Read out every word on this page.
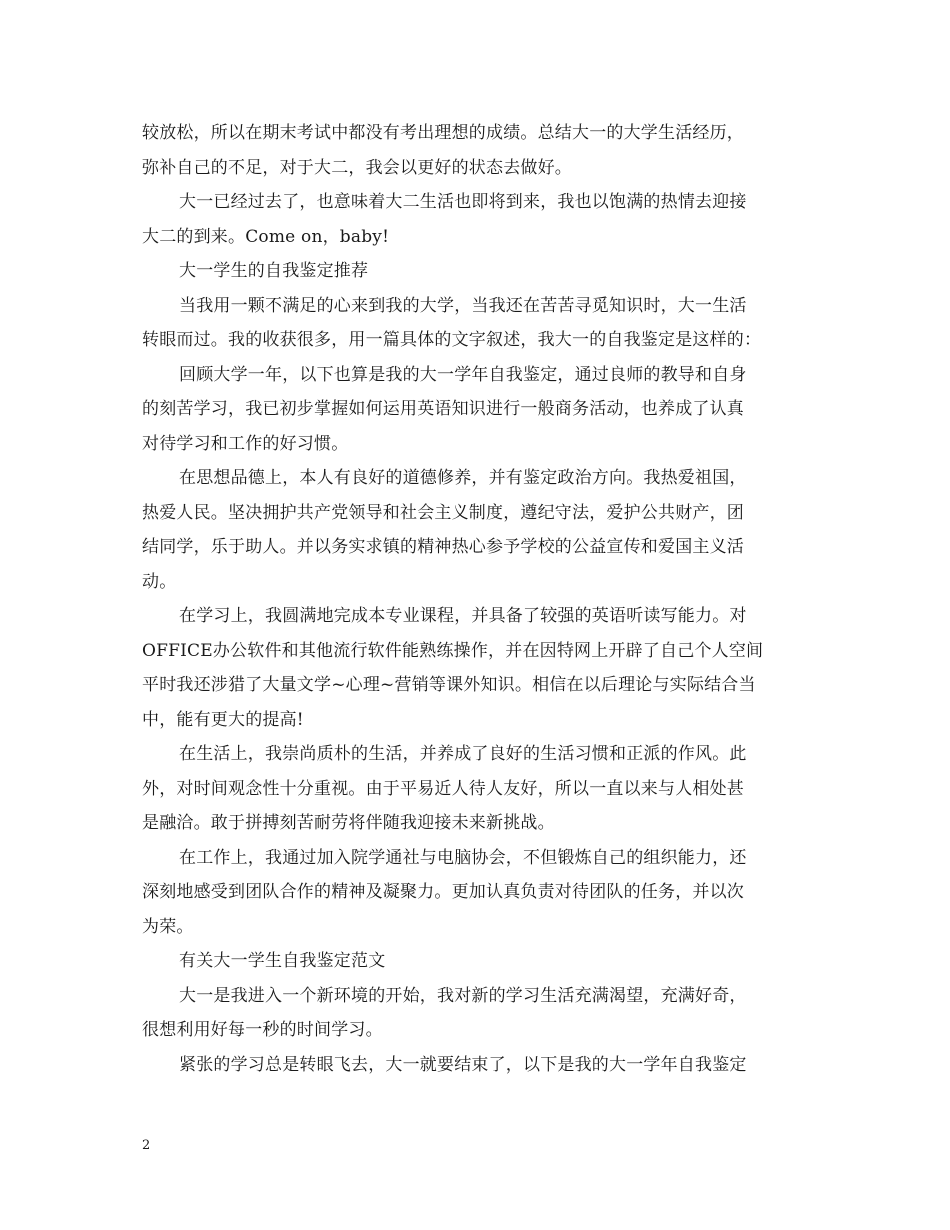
较放松，所以在期末考试中都没有考出理想的成绩。总结大一的大学生活经历，
弥补自己的不足，对于大二，我会以更好的状态去做好。
大一已经过去了，也意味着大二生活也即将到来，我也以饱满的热情去迎接
大二的到来。Come on，baby!
大一学生的自我鉴定推荐
当我用一颗不满足的心来到我的大学，当我还在苦苦寻觅知识时，大一生活
转眼而过。我的收获很多，用一篇具体的文字叙述，我大一的自我鉴定是这样的：
回顾大学一年，以下也算是我的大一学年自我鉴定，通过良师的教导和自身
的刻苦学习，我已初步掌握如何运用英语知识进行一般商务活动，也养成了认真
对待学习和工作的好习惯。
在思想品德上，本人有良好的道德修养，并有鉴定政治方向。我热爱祖国，
热爱人民。坚决拥护共产党领导和社会主义制度，遵纪守法，爱护公共财产，团
结同学，乐于助人。并以务实求镇的精神热心参予学校的公益宣传和爱国主义活
动。
在学习上，我圆满地完成本专业课程，并具备了较强的英语听读写能力。对
OFFICE办公软件和其他流行软件能熟练操作，并在因特网上开辟了自己个人空间
平时我还涉猎了大量文学~心理~营销等课外知识。相信在以后理论与实际结合当
中，能有更大的提高!
在生活上，我崇尚质朴的生活，并养成了良好的生活习惯和正派的作风。此
外，对时间观念性十分重视。由于平易近人待人友好，所以一直以来与人相处甚
是融洽。敢于拼搏刻苦耐劳将伴随我迎接未来新挑战。
在工作上，我通过加入院学通社与电脑协会，不但锻炼自己的组织能力，还
深刻地感受到团队合作的精神及凝聚力。更加认真负责对待团队的任务，并以次
为荣。
有关大一学生自我鉴定范文
大一是我进入一个新环境的开始，我对新的学习生活充满渴望，充满好奇，
很想利用好每一秒的时间学习。
紧张的学习总是转眼飞去，大一就要结束了，以下是我的大一学年自我鉴定
2
